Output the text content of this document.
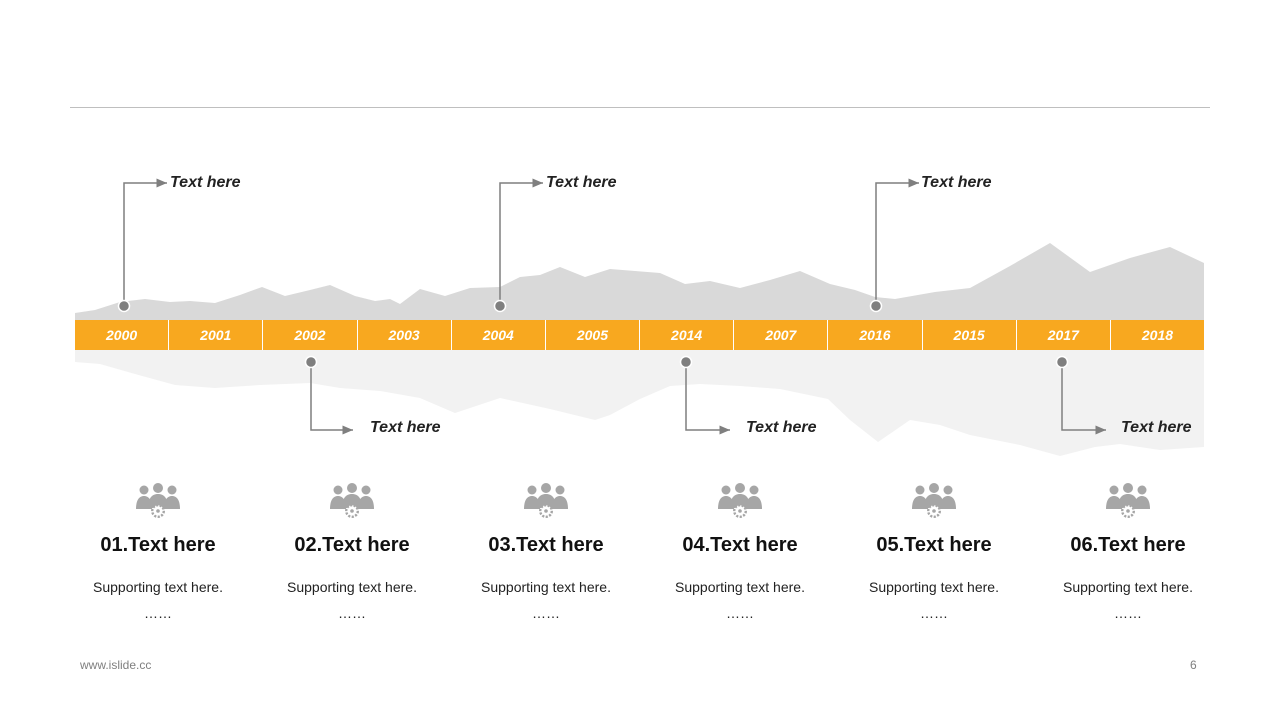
2000	2001	2002	2003	2004	2005	2014	2007	2016	2015	2017	2018
Text here	Text here	Text here
Text here	Text here	Text here
01.Text here
Supporting text here.
……
02.Text here
Supporting text here.
……
03.Text here
Supporting text here.
……
04.Text here
Supporting text here.
……
05.Text here
Supporting text here.
……
06.Text here
Supporting text here.
……
www.islide.cc	6
